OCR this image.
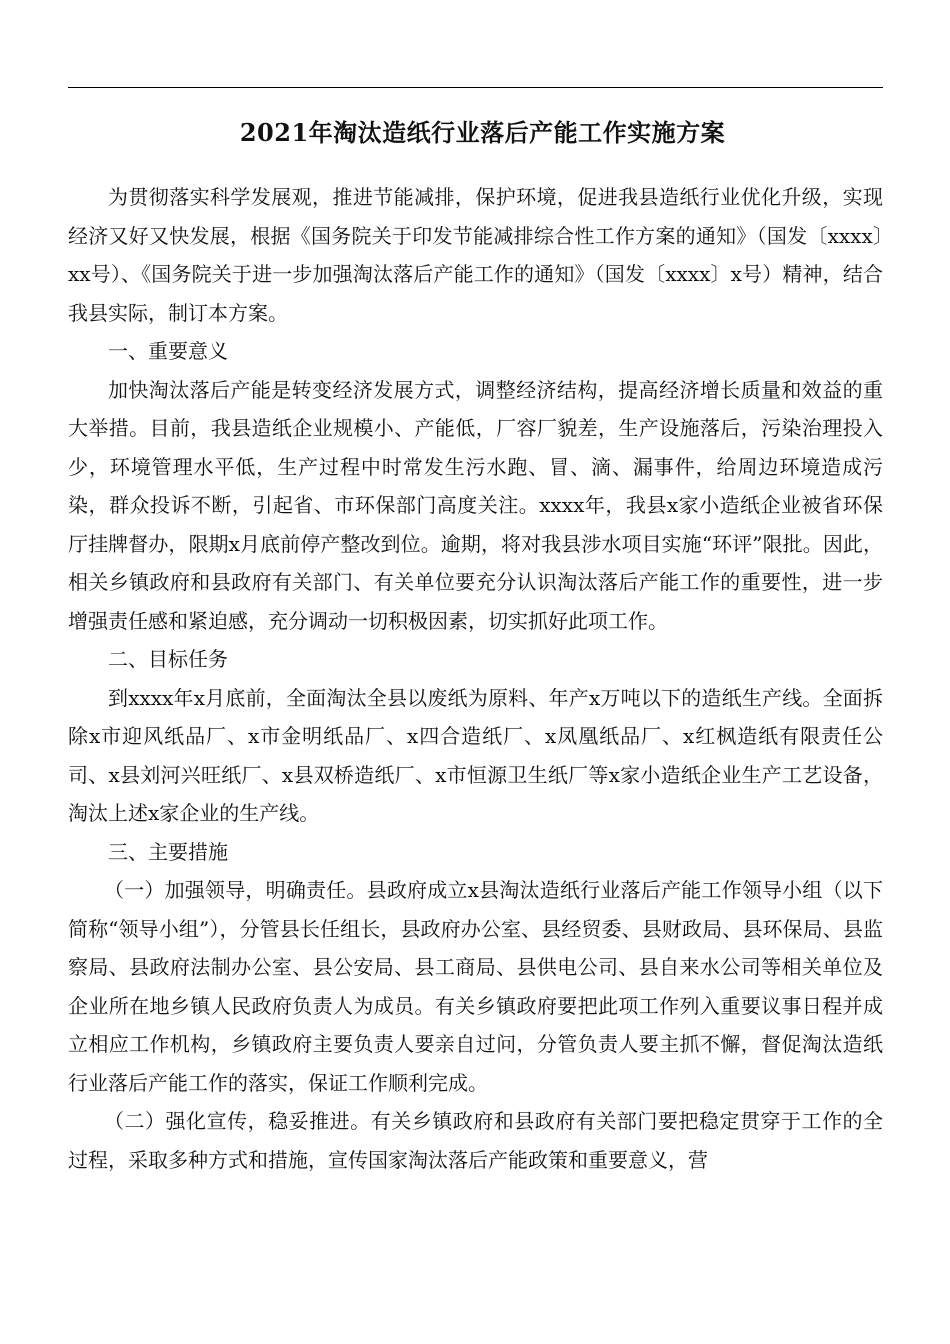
2021年淘汰造纸行业落后产能工作实施方案

为贯彻落实科学发展观，推进节能减排，保护环境，促进我县造纸行业优化升级，实现经济又好又快发展，根据《国务院关于印发节能减排综合性工作方案的通知》（国发〔xxxx〕xx号）、《国务院关于进一步加强淘汰落后产能工作的通知》（国发〔xxxx〕x号）精神，结合我县实际，制订本方案。

一、重要意义

加快淘汰落后产能是转变经济发展方式，调整经济结构，提高经济增长质量和效益的重大举措。目前，我县造纸企业规模小、产能低，厂容厂貌差，生产设施落后，污染治理投入少，环境管理水平低，生产过程中时常发生污水跑、冒、滴、漏事件，给周边环境造成污染，群众投诉不断，引起省、市环保部门高度关注。xxxx年，我县x家小造纸企业被省环保厅挂牌督办，限期x月底前停产整改到位。逾期，将对我县涉水项目实施“环评”限批。因此，相关乡镇政府和县政府有关部门、有关单位要充分认识淘汰落后产能工作的重要性，进一步增强责任感和紧迫感，充分调动一切积极因素，切实抓好此项工作。

二、目标任务

到xxxx年x月底前，全面淘汰全县以废纸为原料、年产x万吨以下的造纸生产线。全面拆除x市迎风纸品厂、x市金明纸品厂、x四合造纸厂、x凤凰纸品厂、x红枫造纸有限责任公司、x县刘河兴旺纸厂、x县双桥造纸厂、x市恒源卫生纸厂等x家小造纸企业生产工艺设备，淘汰上述x家企业的生产线。

三、主要措施

（一）加强领导，明确责任。县政府成立x县淘汰造纸行业落后产能工作领导小组（以下简称“领导小组”），分管县长任组长，县政府办公室、县经贸委、县财政局、县环保局、县监察局、县政府法制办公室、县公安局、县工商局、县供电公司、县自来水公司等相关单位及企业所在地乡镇人民政府负责人为成员。有关乡镇政府要把此项工作列入重要议事日程并成立相应工作机构，乡镇政府主要负责人要亲自过问，分管负责人要主抓不懈，督促淘汰造纸行业落后产能工作的落实，保证工作顺利完成。

（二）强化宣传，稳妥推进。有关乡镇政府和县政府有关部门要把稳定贯穿于工作的全过程，采取多种方式和措施，宣传国家淘汰落后产能政策和重要意义，营
